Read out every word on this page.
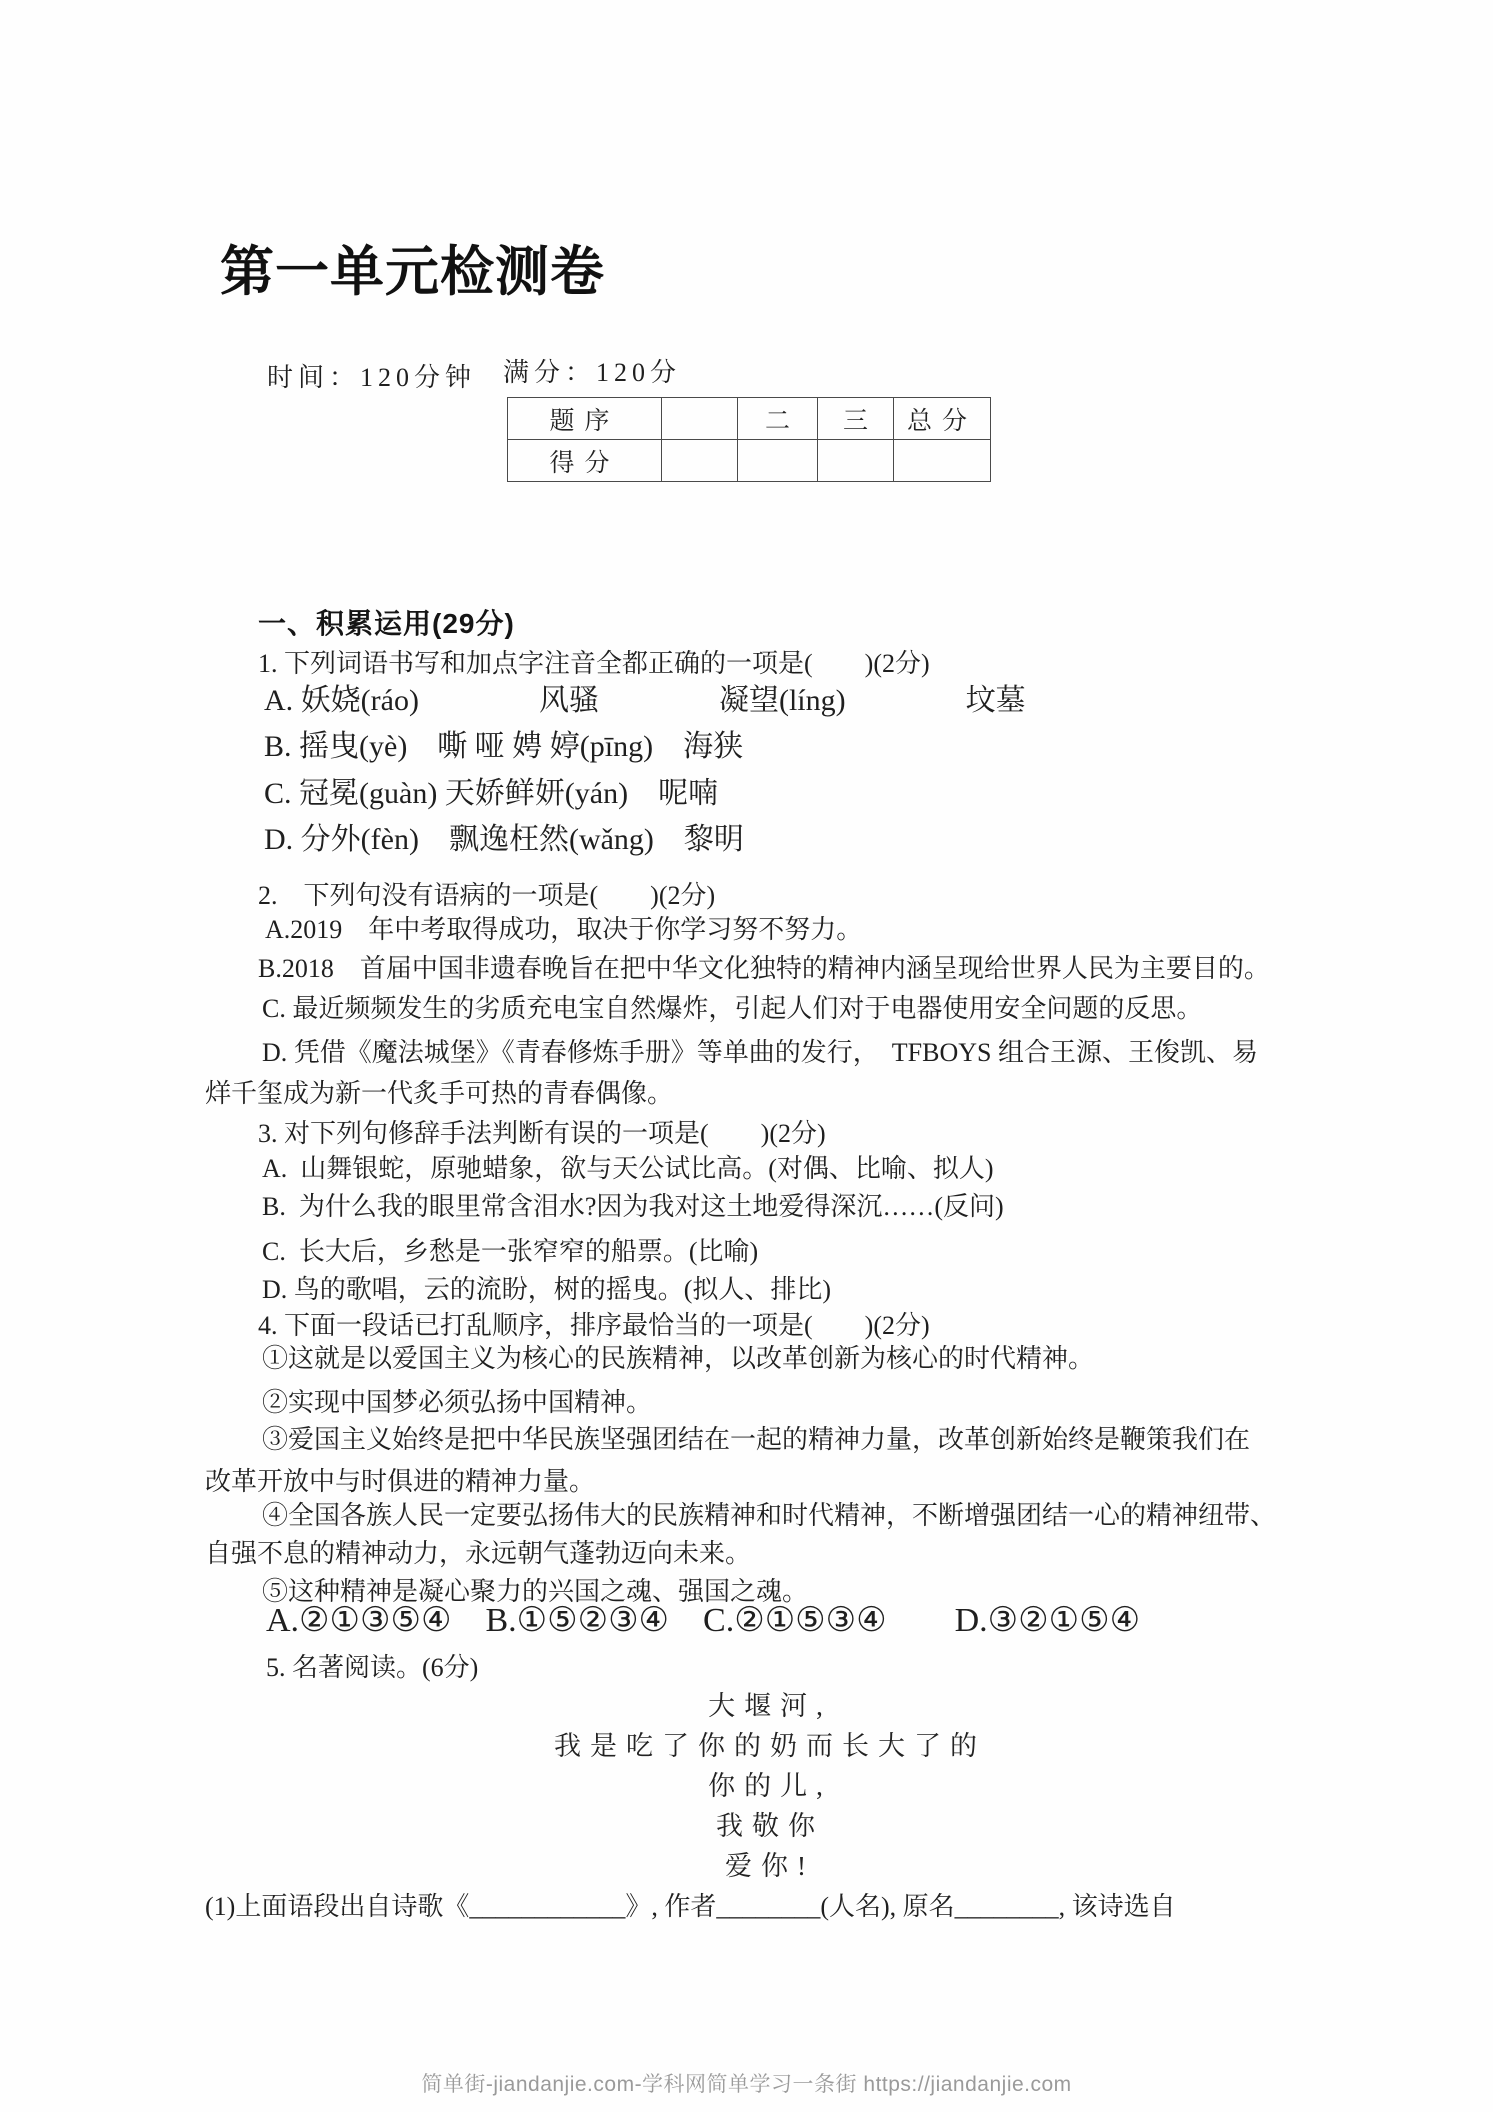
第一单元检测卷
时间：120分钟 满分：120分
题序		二	三	总分
得分				
一、积累运用(29分)
1. 下列词语书写和加点字注音全都正确的一项是(　　)(2分)
A. 妖娆(ráo)　　　　风骚　　　　凝望(líng)　　　　坟墓
B. 摇曳(yè)　嘶 哑 娉 婷(pīng)　海狭
C. 冠冕(guàn) 天娇鲜妍(yán)　呢喃
D. 分外(fèn)　飘逸枉然(wǎng)　黎明
2.　下列句没有语病的一项是(　　)(2分)
A.2019　年中考取得成功，取决于你学习努不努力。
B.2018　首届中国非遗春晚旨在把中华文化独特的精神内涵呈现给世界人民为主要目的。
C. 最近频频发生的劣质充电宝自然爆炸，引起人们对于电器使用安全问题的反思。
D. 凭借《魔法城堡》《青春修炼手册》等单曲的发行，　TFBOYS 组合王源、王俊凯、易
烊千玺成为新一代炙手可热的青春偶像。
3. 对下列句修辞手法判断有误的一项是(　　)(2分)
A.  山舞银蛇，原驰蜡象，欲与天公试比高。(对偶、比喻、拟人)
B.  为什么我的眼里常含泪水?因为我对这土地爱得深沉……(反问)
C.  长大后，乡愁是一张窄窄的船票。(比喻)
D. 鸟的歌唱，云的流盼，树的摇曳。(拟人、排比)
4. 下面一段话已打乱顺序，排序最恰当的一项是(　　)(2分)
①这就是以爱国主义为核心的民族精神，以改革创新为核心的时代精神。
②实现中国梦必须弘扬中国精神。
③爱国主义始终是把中华民族坚强团结在一起的精神力量，改革创新始终是鞭策我们在
改革开放中与时俱进的精神力量。
④全国各族人民一定要弘扬伟大的民族精神和时代精神，不断增强团结一心的精神纽带、
自强不息的精神动力，永远朝气蓬勃迈向未来。
⑤这种精神是凝心聚力的兴国之魂、强国之魂。
A.②①③⑤④　B.①⑤②③④　C.②①⑤③④　　D.③②①⑤④
5. 名著阅读。(6分)
大堰河,
我是吃了你的奶而长大了的
你的儿,
我敬你
爱你!
(1)上面语段出自诗歌《____________》, 作者________(人名), 原名________, 该诗选自
简单街-jiandanjie.com-学科网简单学习一条街 https://jiandanjie.com
